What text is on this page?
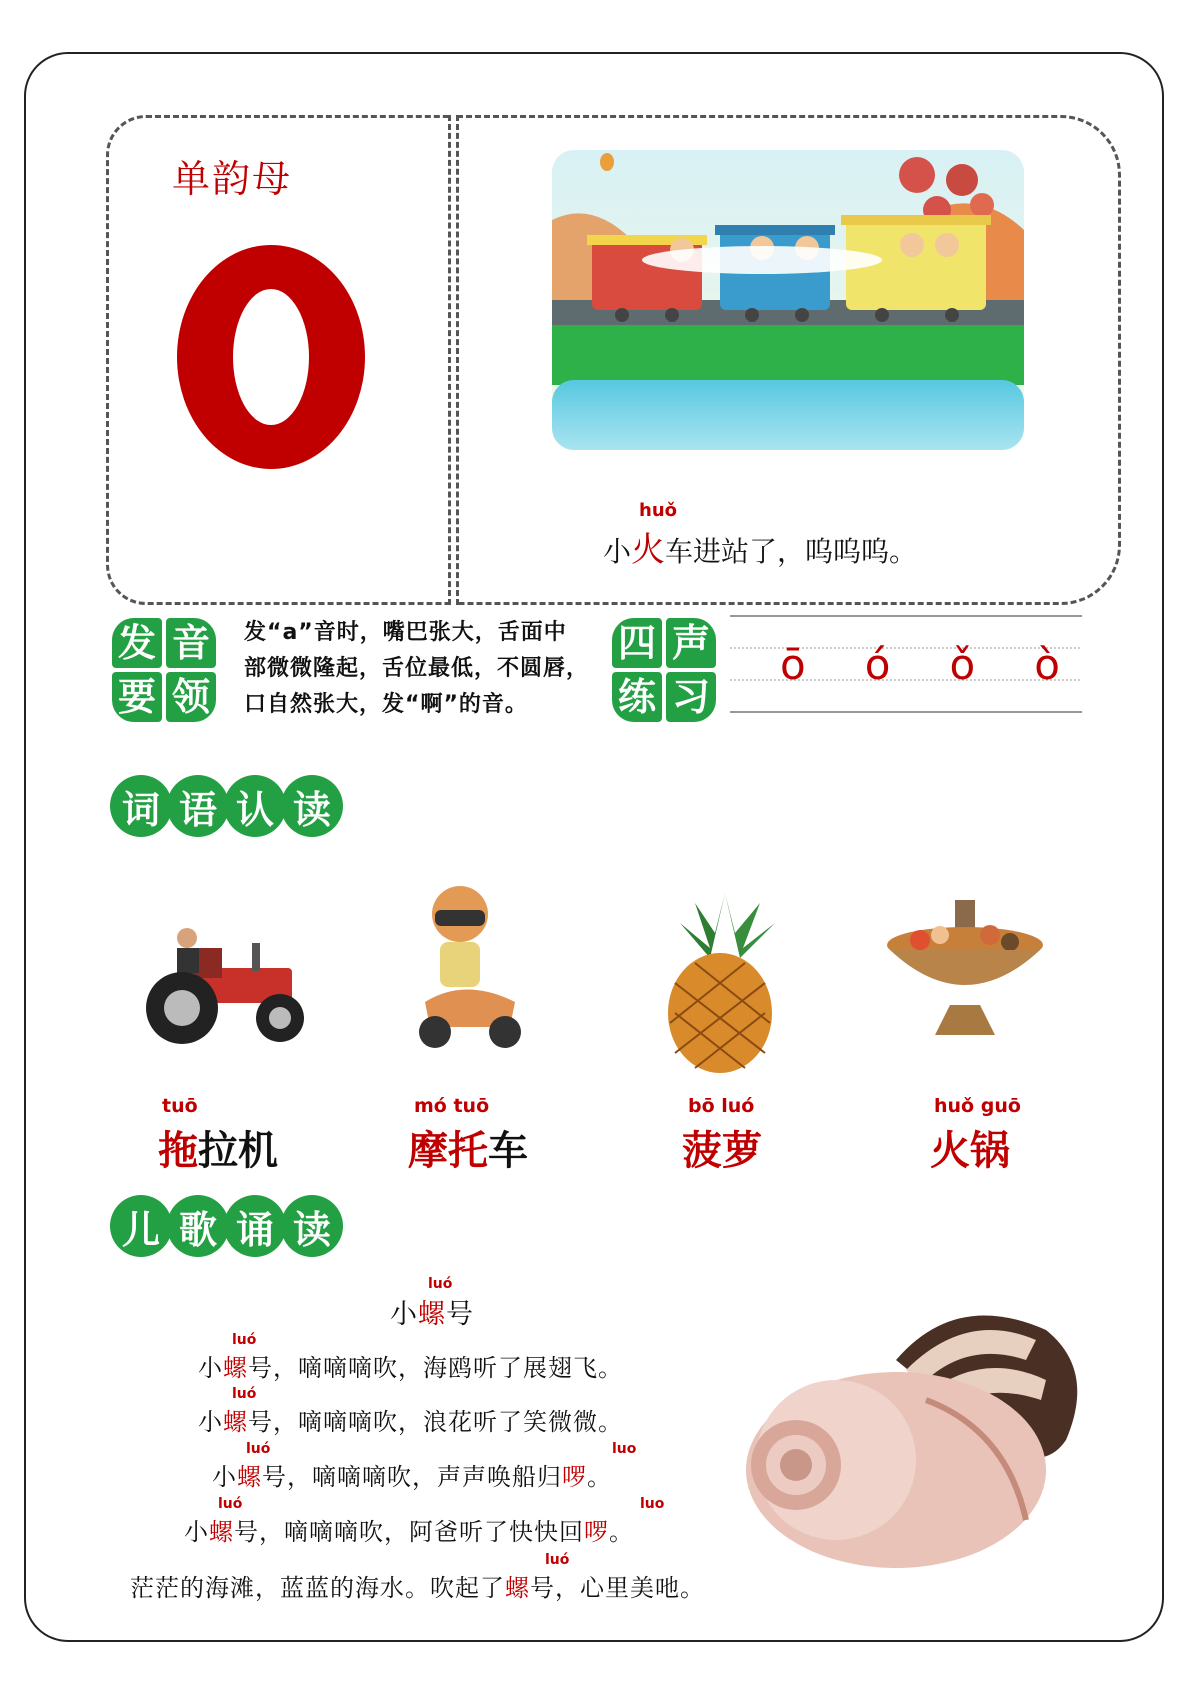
单韵母
huǒ
小火车进站了，呜呜呜。
发 音
要 领
发“a”音时，嘴巴张大，舌面中部微微隆起，舌位最低，不圆唇，口自然张大，发“啊”的音。
四 声
练 习
ō ó ǒ ò
词 语 认 读
tuō
拖拉机
mó tuō
摩托车
bō luó
菠萝
huǒ guō
火锅
儿 歌 诵 读
luó
小螺号
luó
小螺号，嘀嘀嘀吹，海鸥听了展翅飞。
luó
小螺号，嘀嘀嘀吹，浪花听了笑微微。
luó	luo
小螺号，嘀嘀嘀吹，声声唤船归啰。
luó	luo
小螺号，嘀嘀嘀吹，阿爸听了快快回啰。
luó
茫茫的海滩，蓝蓝的海水。吹起了螺号，心里美吔。
